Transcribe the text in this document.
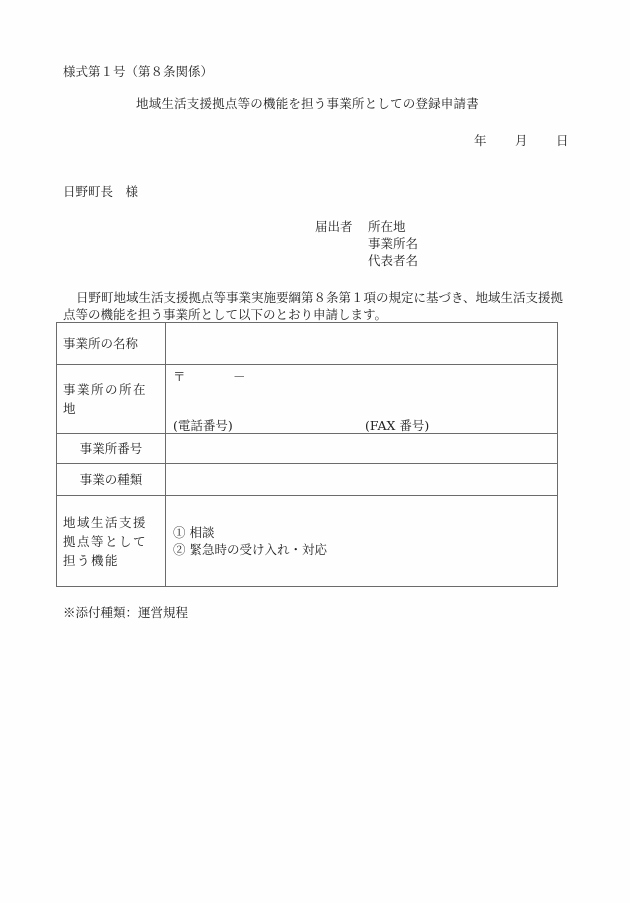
様式第１号（第８条関係）
地域生活支援拠点等の機能を担う事業所としての登録申請書
年 月 日
日野町長　様
届出者 所在地
事業所名
代表者名
日野町地域生活支援拠点等事業実施要綱第８条第１項の規定に基づき、地域生活支援拠点等の機能を担う事業所として以下のとおり申請します。
事業所の名称	
事業所の所在地	〒 －
(電話番号) (FAX 番号)

事業所番号	
事業の種類	
地域生活支援拠点等として担う機能	① 相談
② 緊急時の受け入れ・対応
※添付種類：運営規程
